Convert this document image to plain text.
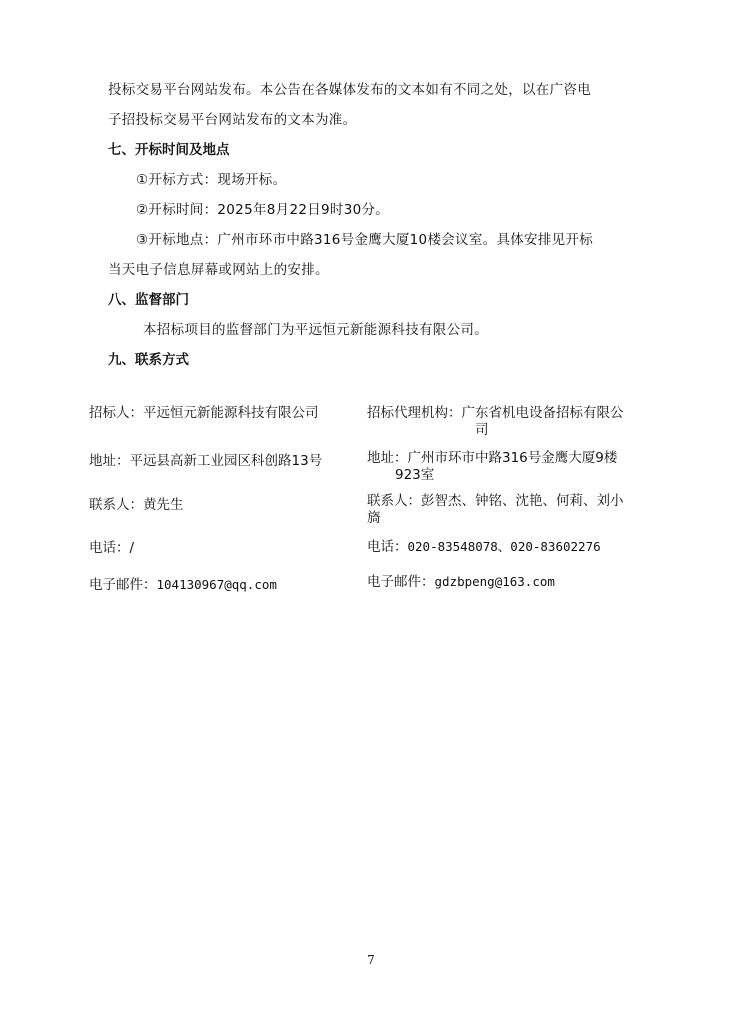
投标交易平台网站发布。本公告在各媒体发布的文本如有不同之处，以在广咨电
子招投标交易平台网站发布的文本为准。
七、开标时间及地点
①开标方式：现场开标。
②开标时间：2025年8月22日9时30分。
③开标地点：广州市环市中路316号金鹰大厦10楼会议室。具体安排见开标
当天电子信息屏幕或网站上的安排。
八、监督部门
本招标项目的监督部门为平远恒元新能源科技有限公司。
九、联系方式
招标人：平远恒元新能源科技有限公司
地址：平远县高新工业园区科创路13号
联系人：黄先生
电话：/
电子邮件：104130967@qq.com
招标代理机构：广东省机电设备招标有限公
司
地址：广州市环市中路316号金鹰大厦9楼
923室
联系人：彭智杰、钟铭、沈艳、何莉、刘小
旖
电话：020-83548078、020-83602276
电子邮件：gdzbpeng@163.com
7
